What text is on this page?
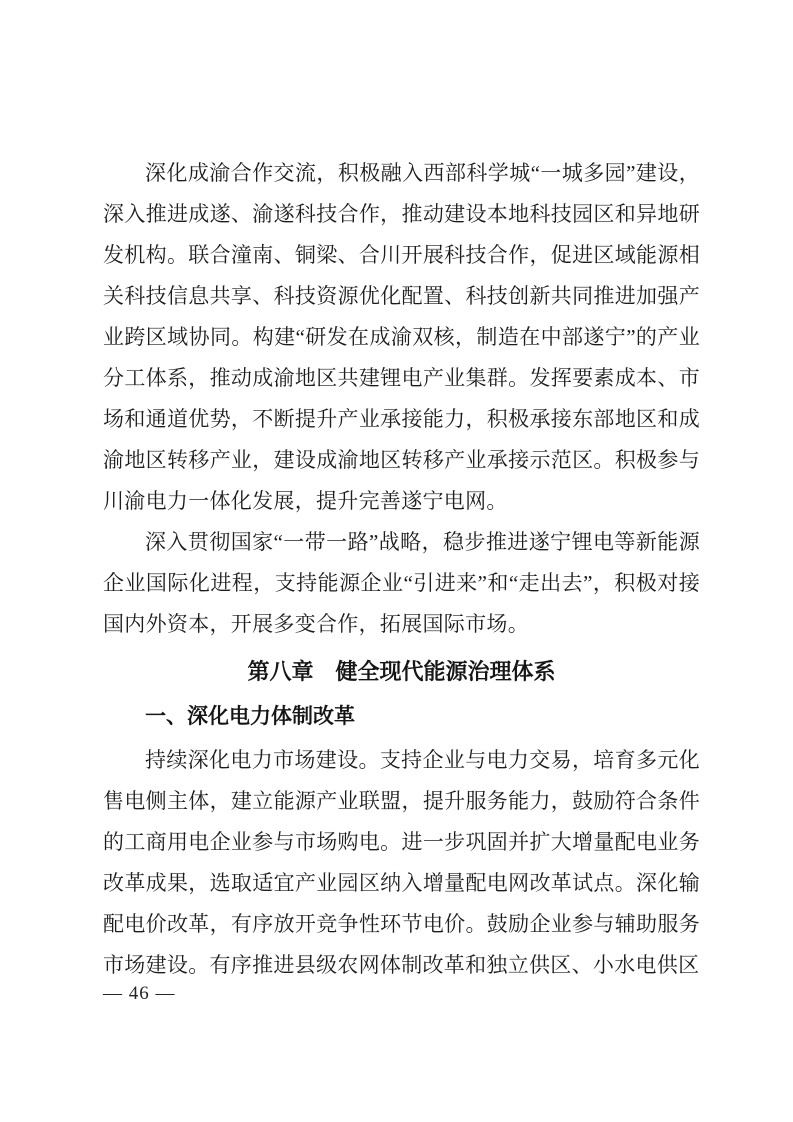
深化成渝合作交流，积极融入西部科学城“一城多园”建设，深入推进成遂、渝遂科技合作，推动建设本地科技园区和异地研发机构。联合潼南、铜梁、合川开展科技合作，促进区域能源相关科技信息共享、科技资源优化配置、科技创新共同推进加强产业跨区域协同。构建“研发在成渝双核，制造在中部遂宁”的产业分工体系，推动成渝地区共建锂电产业集群。发挥要素成本、市场和通道优势，不断提升产业承接能力，积极承接东部地区和成渝地区转移产业，建设成渝地区转移产业承接示范区。积极参与川渝电力一体化发展，提升完善遂宁电网。

深入贯彻国家“一带一路”战略，稳步推进遂宁锂电等新能源企业国际化进程，支持能源企业“引进来”和“走出去”，积极对接国内外资本，开展多变合作，拓展国际市场。

第八章　健全现代能源治理体系
一、深化电力体制改革

持续深化电力市场建设。支持企业与电力交易，培育多元化售电侧主体，建立能源产业联盟，提升服务能力，鼓励符合条件的工商用电企业参与市场购电。进一步巩固并扩大增量配电业务改革成果，选取适宜产业园区纳入增量配电网改革试点。深化输配电价改革，有序放开竞争性环节电价。鼓励企业参与辅助服务市场建设。有序推进县级农网体制改革和独立供区、小水电供区

— 46 —
